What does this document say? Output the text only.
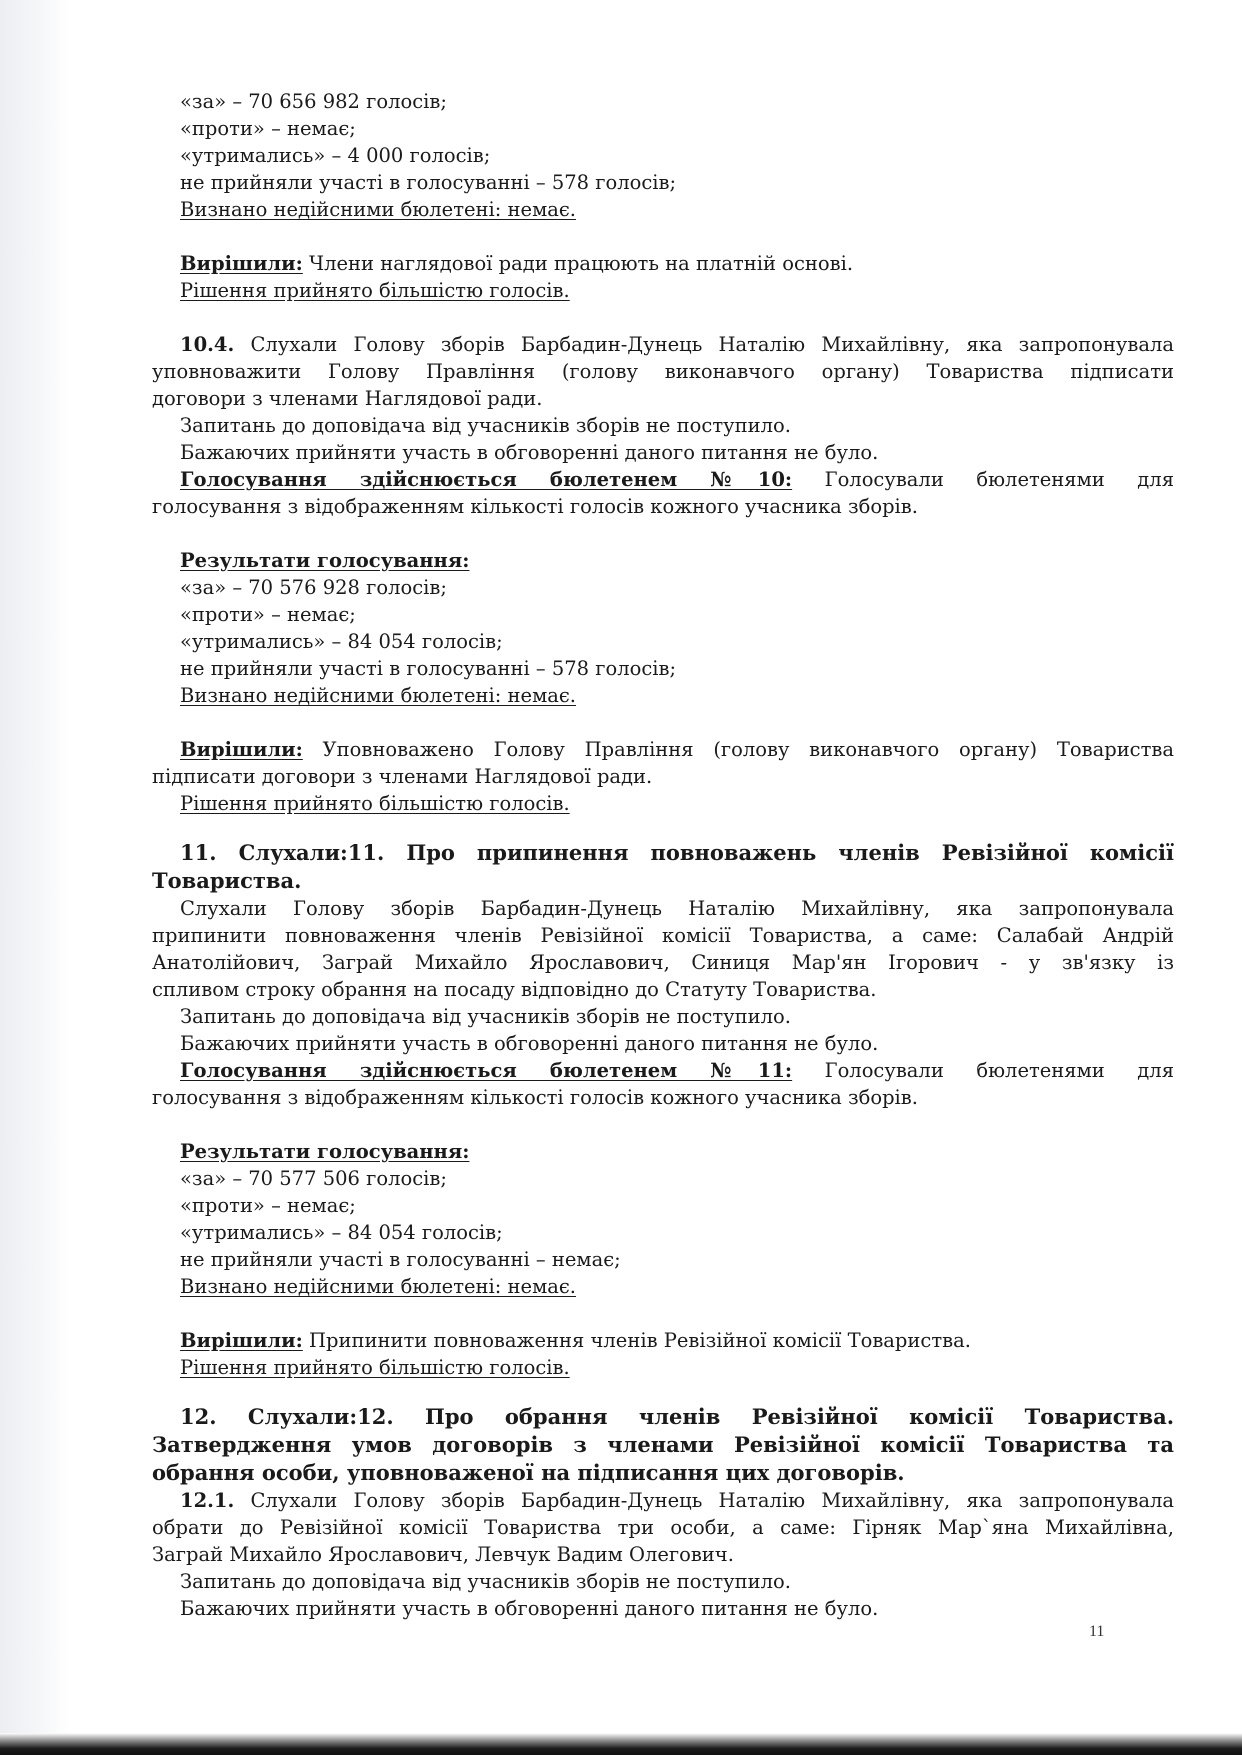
«за» – 70 656 982 голосів;
«проти» – немає;
«утримались» – 4 000 голосів;
не прийняли участі в голосуванні – 578 голосів;
Визнано недійсними бюлетені: немає.
Вирішили: Члени наглядової ради працюють на платній основі.
Рішення прийнято більшістю голосів.
10.4. Слухали Голову зборів Барбадин-Дунець Наталію Михайлівну, яка запропонувала
уповноважити Голову Правління (голову виконавчого органу) Товариства підписати
договори з членами Наглядової ради.
Запитань до доповідача від учасників зборів не поступило.
Бажаючих прийняти участь в обговоренні даного питання не було.
Голосування здійснюється бюлетенем №10: Голосували бюлетенями для
голосування з відображенням кількості голосів кожного учасника зборів.
Результати голосування:
«за» – 70 576 928 голосів;
«проти» – немає;
«утримались» – 84 054 голосів;
не прийняли участі в голосуванні – 578 голосів;
Визнано недійсними бюлетені: немає.
Вирішили: Уповноважено Голову Правління (голову виконавчого органу) Товариства
підписати договори з членами Наглядової ради.
Рішення прийнято більшістю голосів.
11. Слухали:11. Про припинення повноважень членів Ревізійної комісії
Товариства.
Слухали Голову зборів Барбадин-Дунець Наталію Михайлівну, яка запропонувала
припинити повноваження членів Ревізійної комісії Товариства, а саме: Салабай Андрій
Анатолійович, Заграй Михайло Ярославович, Синиця Мар'ян Ігорович - у зв'язку із
спливом строку обрання на посаду відповідно до Статуту Товариства.
Запитань до доповідача від учасників зборів не поступило.
Бажаючих прийняти участь в обговоренні даного питання не було.
Голосування здійснюється бюлетенем №11: Голосували бюлетенями для
голосування з відображенням кількості голосів кожного учасника зборів.
Результати голосування:
«за» – 70 577 506 голосів;
«проти» – немає;
«утримались» – 84 054 голосів;
не прийняли участі в голосуванні – немає;
Визнано недійсними бюлетені: немає.
Вирішили: Припинити повноваження членів Ревізійної комісії Товариства.
Рішення прийнято більшістю голосів.
12. Слухали:12. Про обрання членів Ревізійної комісії Товариства.
Затвердження умов договорів з членами Ревізійної комісії Товариства та
обрання особи, уповноваженої на підписання цих договорів.
12.1. Слухали Голову зборів Барбадин-Дунець Наталію Михайлівну, яка запропонувала
обрати до Ревізійної комісії Товариства три особи, а саме: Гірняк Мар`яна Михайлівна,
Заграй Михайло Ярославович, Левчук Вадим Олегович.
Запитань до доповідача від учасників зборів не поступило.
Бажаючих прийняти участь в обговоренні даного питання не було.
11
